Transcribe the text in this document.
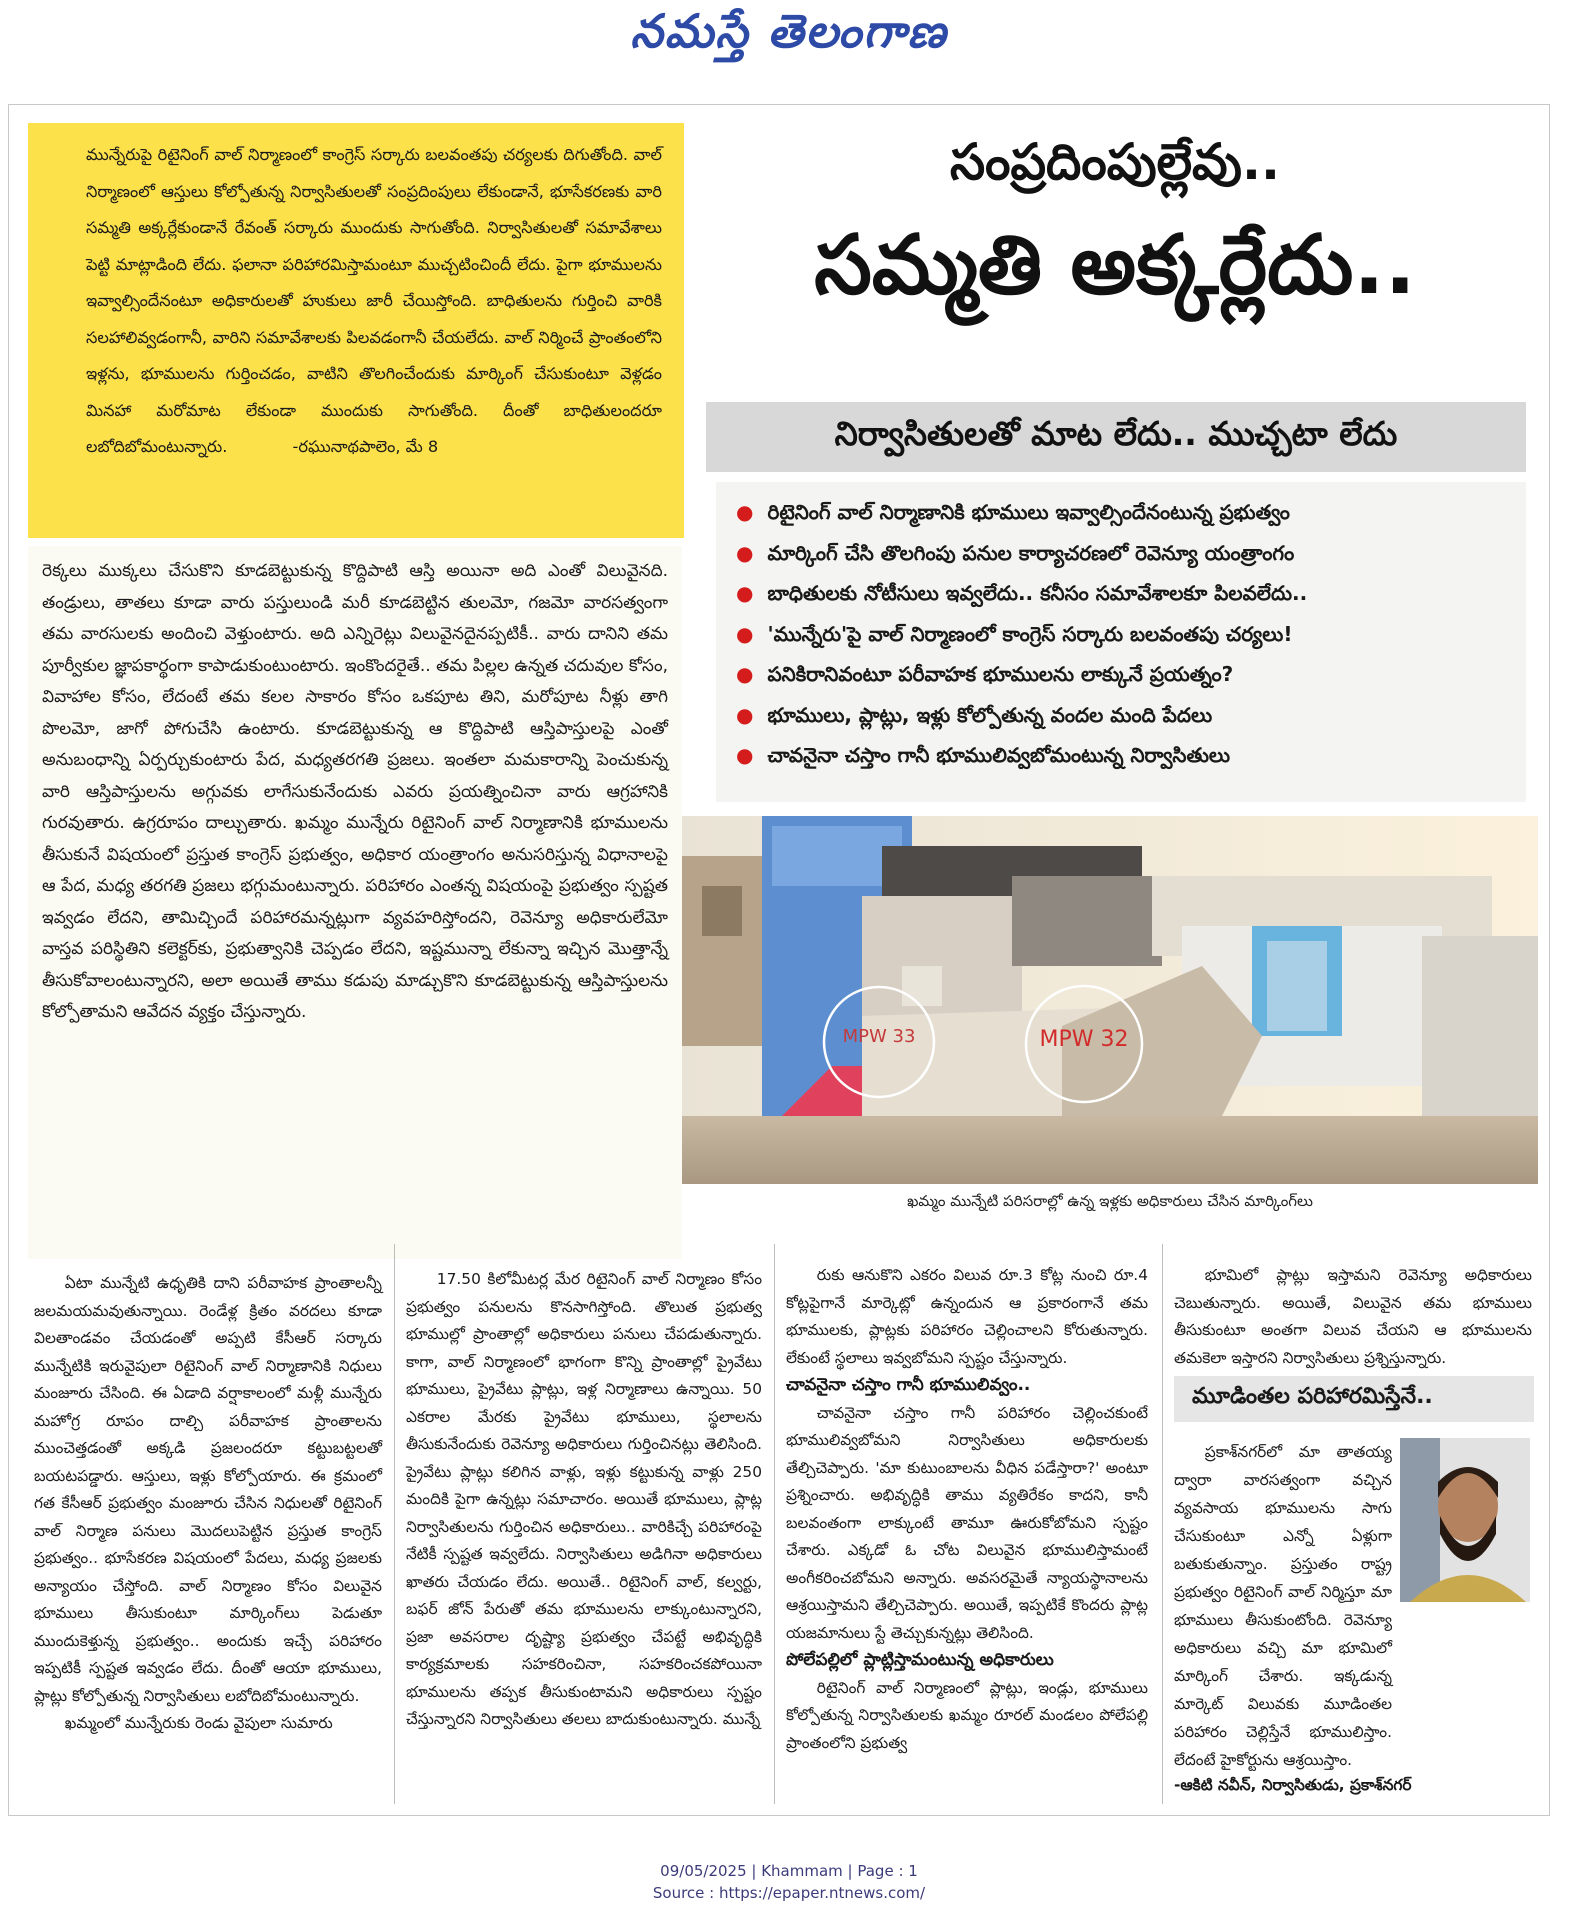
నమస్తే తెలంగాణ
మున్నేరుపై రిటైనింగ్ వాల్ నిర్మాణంలో కాంగ్రెస్ సర్కారు బలవంతపు చర్యలకు దిగుతోంది. వాల్ నిర్మాణంలో ఆస్తులు కోల్పోతున్న నిర్వాసితులతో సంప్రదింపులు లేకుండానే, భూసేకరణకు వారి సమ్మతి అక్కర్లేకుండానే రేవంత్ సర్కారు ముందుకు సాగుతోంది. నిర్వాసితులతో సమావేశాలు పెట్టి మాట్లాడింది లేదు. ఫలానా పరిహారమిస్తామంటూ ముచ్చటించిందీ లేదు. పైగా భూములను ఇవ్వాల్సిందేనంటూ అధికారులతో హుకులు జారీ చేయిస్తోంది. బాధితులను గుర్తించి వారికి సలహాలివ్వడంగానీ, వారిని సమావేశాలకు పిలవడంగానీ చేయలేదు. వాల్ నిర్మించే ప్రాంతంలోని ఇళ్లను, భూములను గుర్తించడం, వాటిని తొలగించేందుకు మార్కింగ్ చేసుకుంటూ వెళ్లడం మినహా మరోమాట లేకుండా ముందుకు సాగుతోంది. దీంతో బాధితులందరూ లబోదిబోమంటున్నారు.	-రఘునాథపాలెం, మే 8
సంప్రదింపుల్లేవు..
సమ్మతి అక్కర్లేదు..
నిర్వాసితులతో మాట లేదు.. ముచ్చటా లేదు
● రిటైనింగ్ వాల్ నిర్మాణానికి భూములు ఇవ్వాల్సిందేనంటున్న ప్రభుత్వం
● మార్కింగ్ చేసి తొలగింపు పనుల కార్యాచరణలో రెవెన్యూ యంత్రాంగం
● బాధితులకు నోటీసులు ఇవ్వలేదు.. కనీసం సమావేశాలకూ పిలవలేదు..
● 'మున్నేరు'పై వాల్ నిర్మాణంలో కాంగ్రెస్ సర్కారు బలవంతపు చర్యలు!
● పనికిరానివంటూ పరీవాహక భూములను లాక్కునే ప్రయత్నం?
● భూములు, ప్లాట్లు, ఇళ్లు కోల్పోతున్న వందల మంది పేదలు
● చావనైనా చస్తాం గానీ భూములివ్వబోమంటున్న నిర్వాసితులు
MPW 33	MPW 32
ఖమ్మం మున్నేటి పరిసరాల్లో ఉన్న ఇళ్లకు అధికారులు చేసిన మార్కింగ్‌లు
రెక్కలు ముక్కలు చేసుకొని కూడబెట్టుకున్న కొద్దిపాటి ఆస్తి అయినా అది ఎంతో విలువైనది. తండ్రులు, తాతలు కూడా వారు పస్తులుండి మరీ కూడబెట్టిన తులమో, గజమో వారసత్వంగా తమ వారసులకు అందించి వెళ్తుంటారు. అది ఎన్నిరెట్లు విలువైనదైనప్పటికీ.. వారు దానిని తమ పూర్వీకుల జ్ఞాపకార్థంగా కాపాడుకుంటుంటారు. ఇంకొందరైతే.. తమ పిల్లల ఉన్నత చదువుల కోసం, వివాహాల కోసం, లేదంటే తమ కలల సాకారం కోసం ఒకపూట తిని, మరోపూట నీళ్లు తాగి పొలమో, జాగో పోగుచేసి ఉంటారు. కూడబెట్టుకున్న ఆ కొద్దిపాటి ఆస్తిపాస్తులపై ఎంతో అనుబంధాన్ని ఏర్పర్చుకుంటారు పేద, మధ్యతరగతి ప్రజలు. ఇంతలా మమకారాన్ని పెంచుకున్న వారి ఆస్తిపాస్తులను అగ్గువకు లాగేసుకునేందుకు ఎవరు ప్రయత్నించినా వారు ఆగ్రహానికి గురవుతారు. ఉగ్రరూపం దాల్చుతారు. ఖమ్మం మున్నేరు రిటైనింగ్ వాల్ నిర్మాణానికి భూములను తీసుకునే విషయంలో ప్రస్తుత కాంగ్రెస్ ప్రభుత్వం, అధికార యంత్రాంగం అనుసరిస్తున్న విధానాలపై ఆ పేద, మధ్య తరగతి ప్రజలు భగ్గుమంటున్నారు. పరిహారం ఎంతన్న విషయంపై ప్రభుత్వం స్పష్టత ఇవ్వడం లేదని, తామిచ్చిందే పరిహారమన్నట్లుగా వ్యవహరిస్తోందని, రెవెన్యూ అధికారులేమో వాస్తవ పరిస్థితిని కలెక్టర్‌కు, ప్రభుత్వానికి చెప్పడం లేదని, ఇష్టమున్నా లేకున్నా ఇచ్చిన మొత్తాన్నే తీసుకోవాలంటున్నారని, అలా అయితే తాము కడుపు మాడ్చుకొని కూడబెట్టుకున్న ఆస్తిపాస్తులను కోల్పోతామని ఆవేదన వ్యక్తం చేస్తున్నారు.

ఏటా మున్నేటి ఉధృతికి దాని పరీవాహక ప్రాంతాలన్నీ జలమయమవుతున్నాయి. రెండేళ్ల క్రితం వరదలు కూడా విలతాండవం చేయడంతో అప్పటి కేసీఆర్ సర్కారు మున్నేటికి ఇరువైపులా రిటైనింగ్ వాల్ నిర్మాణానికి నిధులు మంజూరు చేసింది. ఈ ఏడాది వర్షాకాలంలో మళ్లీ మున్నేరు మహోగ్ర రూపం దాల్చి పరీవాహక ప్రాంతాలను ముంచెత్తడంతో అక్కడి ప్రజలందరూ కట్టుబట్టలతో బయటపడ్డారు. ఆస్తులు, ఇళ్లు కోల్పోయారు. ఈ క్రమంలో గత కేసీఆర్ ప్రభుత్వం మంజూరు చేసిన నిధులతో రిటైనింగ్ వాల్ నిర్మాణ పనులు మొదలుపెట్టిన ప్రస్తుత కాంగ్రెస్ ప్రభుత్వం.. భూసేకరణ విషయంలో పేదలు, మధ్య ప్రజలకు అన్యాయం చేస్తోంది. వాల్ నిర్మాణం కోసం విలువైన భూములు తీసుకుంటూ మార్కింగ్‌లు పెడుతూ ముందుకెళ్తున్న ప్రభుత్వం.. అందుకు ఇచ్చే పరిహారం ఇప్పటికీ స్పష్టత ఇవ్వడం లేదు. దీంతో ఆయా భూములు, ప్లాట్లు కోల్పోతున్న నిర్వాసితులు లబోదిబోమంటున్నారు.

ఖమ్మంలో మున్నేరుకు రెండు వైపులా సుమారు

17.50 కిలోమీటర్ల మేర రిటైనింగ్ వాల్ నిర్మాణం కోసం ప్రభుత్వం పనులను కొనసాగిస్తోంది. తొలుత ప్రభుత్వ భూముల్లో ప్రాంతాల్లో అధికారులు పనులు చేపడుతున్నారు. కాగా, వాల్ నిర్మాణంలో భాగంగా కొన్ని ప్రాంతాల్లో ప్రైవేటు భూములు, ప్రైవేటు ప్లాట్లు, ఇళ్ల నిర్మాణాలు ఉన్నాయి. 50 ఎకరాల మేరకు ప్రైవేటు భూములు, స్థలాలను తీసుకునేందుకు రెవెన్యూ అధికారులు గుర్తించినట్లు తెలిసింది. ప్రైవేటు ప్లాట్లు కలిగిన వాళ్లు, ఇళ్లు కట్టుకున్న వాళ్లు 250 మందికి పైగా ఉన్నట్లు సమాచారం. అయితే భూములు, ప్లాట్ల నిర్వాసితులను గుర్తించిన అధికారులు.. వారికిచ్చే పరిహారంపై నేటికీ స్పష్టత ఇవ్వలేదు. నిర్వాసితులు అడిగినా అధికారులు ఖాతరు చేయడం లేదు. అయితే.. రిటైనింగ్ వాల్, కల్వర్టు, బఫర్ జోన్ పేరుతో తమ భూములను లాక్కుంటున్నారని, ప్రజా అవసరాల దృష్ట్యా ప్రభుత్వం చేపట్టే అభివృద్ధికి కార్యక్రమాలకు సహకరించినా, సహకరించకపోయినా భూములను తప్పక తీసుకుంటామని అధికారులు స్పష్టం చేస్తున్నారని నిర్వాసితులు తలలు బాదుకుంటున్నారు. మున్నే

రుకు ఆనుకొని ఎకరం విలువ రూ.3 కోట్ల నుంచి రూ.4 కోట్లపైగానే మార్కెట్లో ఉన్నందున ఆ ప్రకారంగానే తమ భూములకు, ప్లాట్లకు పరిహారం చెల్లించాలని కోరుతున్నారు. లేకుంటే స్థలాలు ఇవ్వబోమని స్పష్టం చేస్తున్నారు.

చావనైనా చస్తాం గానీ భూములివ్వం..

చావనైనా చస్తాం గానీ పరిహారం చెల్లించకుంటే భూములివ్వబోమని నిర్వాసితులు అధికారులకు తేల్చిచెప్పారు. 'మా కుటుంబాలను వీధిన పడేస్తారా?' అంటూ ప్రశ్నించారు. అభివృద్ధికి తాము వ్యతిరేకం కాదని, కానీ బలవంతంగా లాక్కుంటే తామూ ఊరుకోబోమని స్పష్టం చేశారు. ఎక్కడో ఓ చోట విలువైన భూములిస్తామంటే అంగీకరించబోమని అన్నారు. అవసరమైతే న్యాయస్థానాలను ఆశ్రయిస్తామని తేల్చిచెప్పారు. అయితే, ఇప్పటికే కొందరు ప్లాట్ల యజమానులు స్టే తెచ్చుకున్నట్లు తెలిసింది.

పోలేపల్లిలో ప్లాట్లిస్తామంటున్న అధికారులు

రిటైనింగ్ వాల్ నిర్మాణంలో ప్లాట్లు, ఇండ్లు, భూములు కోల్పోతున్న నిర్వాసితులకు ఖమ్మం రూరల్ మండలం పోలేపల్లి ప్రాంతంలోని ప్రభుత్వ

భూమిలో ప్లాట్లు ఇస్తామని రెవెన్యూ అధికారులు చెబుతున్నారు. అయితే, విలువైన తమ భూములు తీసుకుంటూ అంతగా విలువ చేయని ఆ భూములను తమకెలా ఇస్తారని నిర్వాసితులు ప్రశ్నిస్తున్నారు.

మూడింతల పరిహారమిస్తేనే..

ప్రకాశ్‌నగర్‌లో మా తాతయ్య ద్వారా వారసత్వంగా వచ్చిన వ్యవసాయ భూములను సాగు చేసుకుంటూ ఎన్నో ఏళ్లుగా బతుకుతున్నాం. ప్రస్తుతం రాష్ట్ర ప్రభుత్వం రిటైనింగ్ వాల్ నిర్మిస్తూ మా భూములు తీసుకుంటోంది. రెవెన్యూ అధికారులు వచ్చి మా భూమిలో మార్కింగ్ చేశారు. ఇక్కడున్న మార్కెట్ విలువకు మూడింతల పరిహారం చెల్లిస్తేనే భూములిస్తాం. లేదంటే హైకోర్టును ఆశ్రయిస్తాం.

-ఆకిటి నవీన్, నిర్వాసితుడు, ప్రకాశ్‌నగర్
09/05/2025 | Khammam | Page : 1
Source : https://epaper.ntnews.com/
